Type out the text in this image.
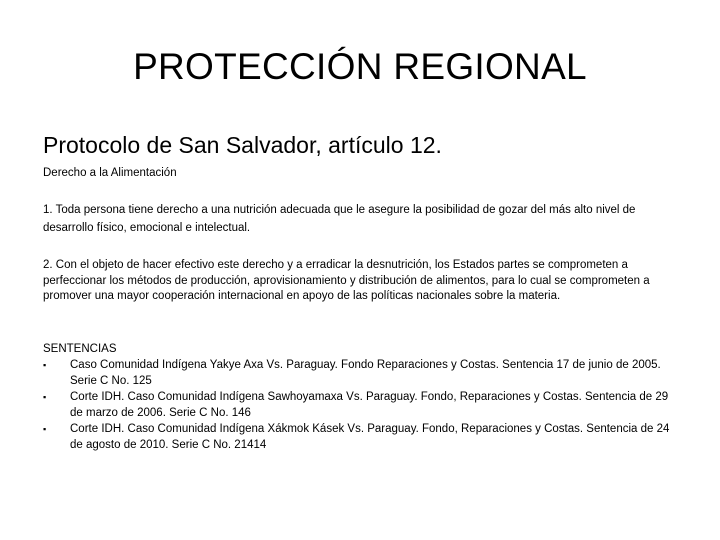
PROTECCIÓN REGIONAL

Protocolo de San Salvador, artículo 12.

Derecho a la Alimentación

1. Toda persona tiene derecho a una nutrición adecuada que le asegure la posibilidad de gozar del más alto nivel de desarrollo físico, emocional e intelectual.

2. Con el objeto de hacer efectivo este derecho y a erradicar la desnutrición, los Estados partes se comprometen a perfeccionar los métodos de producción, aprovisionamiento y distribución de alimentos, para lo cual se comprometen a promover una mayor cooperación internacional en apoyo de las políticas nacionales sobre la materia.

SENTENCIAS

▪ Caso Comunidad Indígena Yakye Axa Vs. Paraguay. Fondo Reparaciones y Costas. Sentencia 17 de junio de 2005. Serie C No. 125
▪ Corte IDH. Caso Comunidad Indígena Sawhoyamaxa Vs. Paraguay. Fondo, Reparaciones y Costas. Sentencia de 29 de marzo de 2006. Serie C No. 146
▪ Corte IDH. Caso Comunidad Indígena Xákmok Kásek Vs. Paraguay. Fondo, Reparaciones y Costas. Sentencia de 24 de agosto de 2010. Serie C No. 21414
